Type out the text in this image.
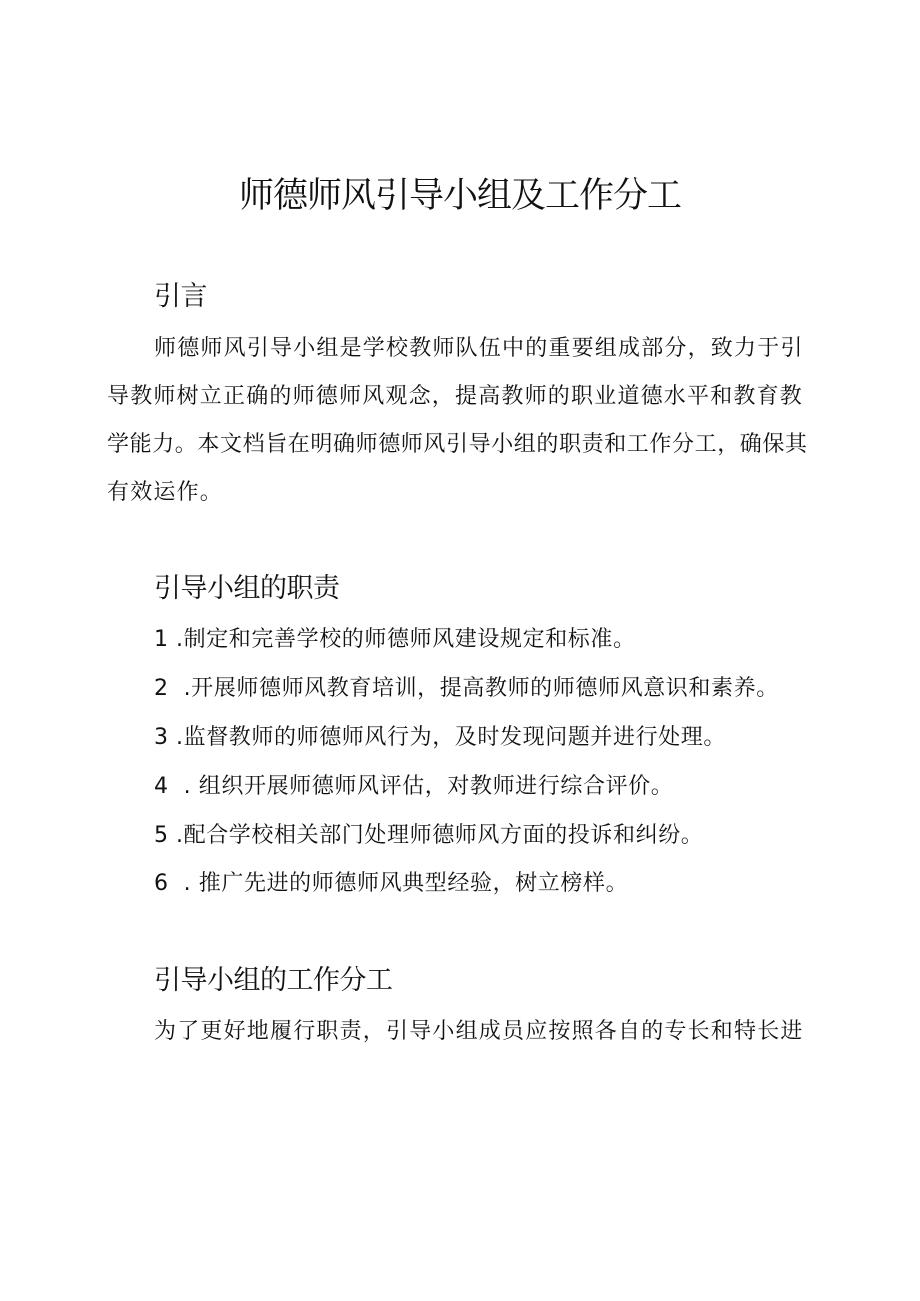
师德师风引导小组及工作分工
引言
师德师风引导小组是学校教师队伍中的重要组成部分，致力于引
导教师树立正确的师德师风观念，提高教师的职业道德水平和教育教
学能力。本文档旨在明确师德师风引导小组的职责和工作分工，确保其
有效运作。
引导小组的职责
1 .制定和完善学校的师德师风建设规定和标准。
2 .开展师德师风教育培训，提高教师的师德师风意识和素养。
3 .监督教师的师德师风行为，及时发现问题并进行处理。
4 . 组织开展师德师风评估，对教师进行综合评价。
5 .配合学校相关部门处理师德师风方面的投诉和纠纷。
6 . 推广先进的师德师风典型经验，树立榜样。
引导小组的工作分工
为了更好地履行职责，引导小组成员应按照各自的专长和特长进
